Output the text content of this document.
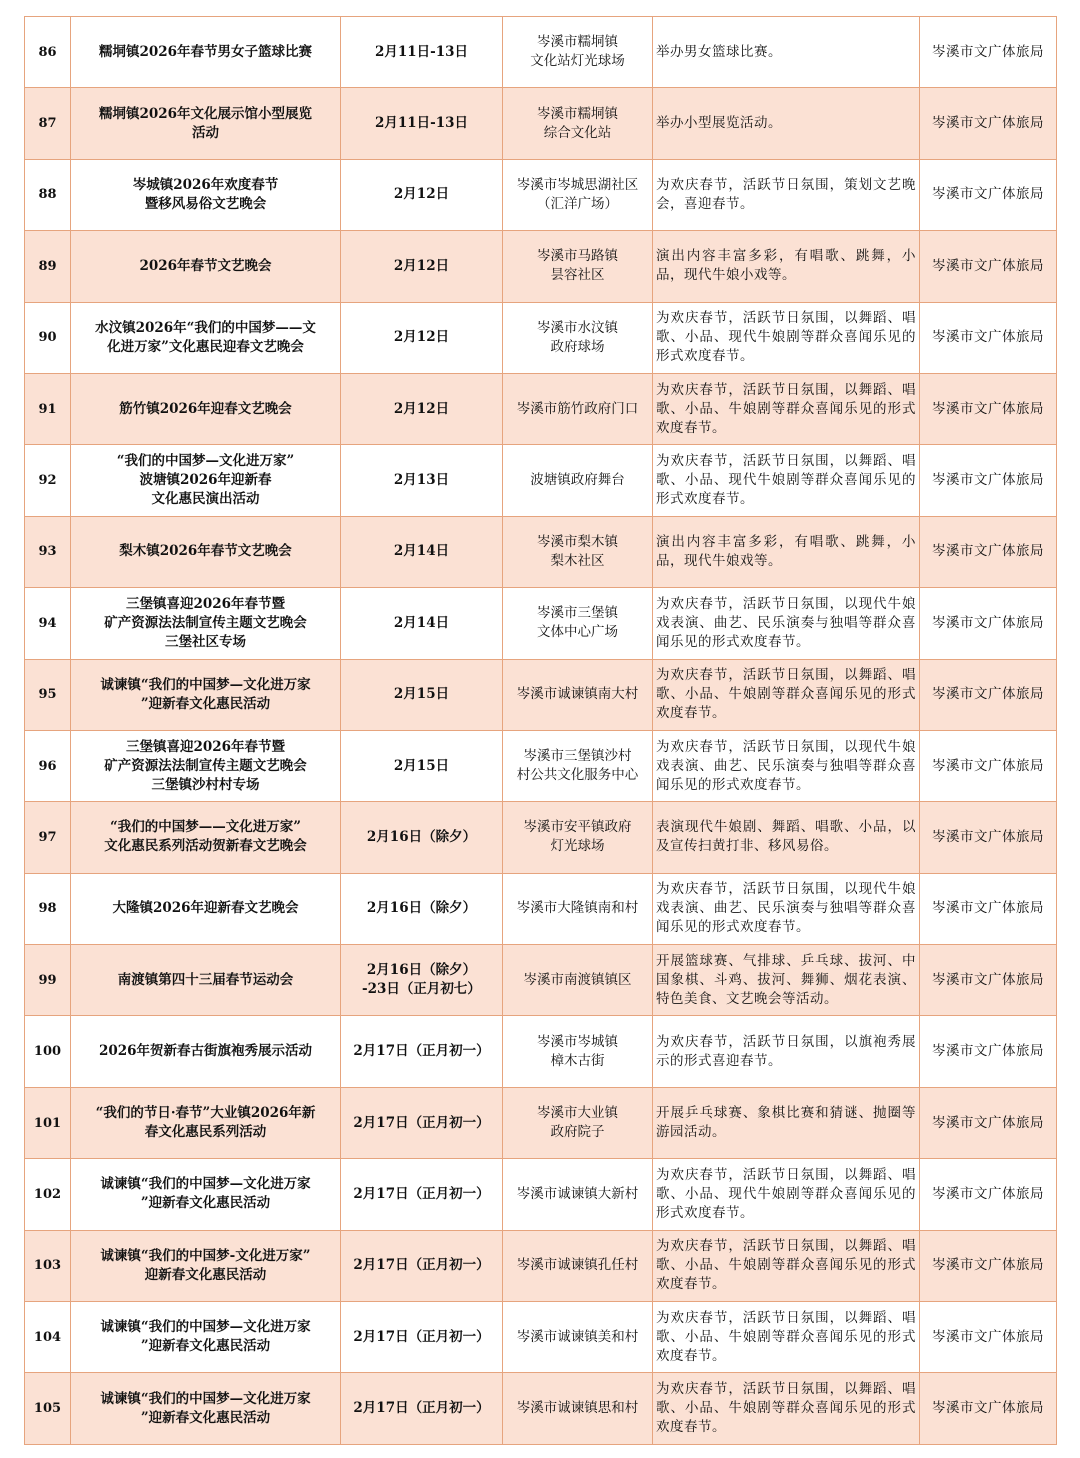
86	糯垌镇2026年春节男女子篮球比赛	2月11日-13日	岑溪市糯垌镇
文化站灯光球场	举办男女篮球比赛。	岑溪市文广体旅局
87	糯垌镇2026年文化展示馆小型展览
活动	2月11日-13日	岑溪市糯垌镇
综合文化站	举办小型展览活动。	岑溪市文广体旅局
88	岑城镇2026年欢度春节
暨移风易俗文艺晚会	2月12日	岑溪市岑城思湖社区
（汇洋广场）	为欢庆春节，活跃节日氛围，策划文艺晚会，喜迎春节。	岑溪市文广体旅局
89	2026年春节文艺晚会	2月12日	岑溪市马路镇
昙容社区	演出内容丰富多彩，有唱歌、跳舞，小品，现代牛娘小戏等。	岑溪市文广体旅局
90	水汶镇2026年“我们的中国梦——文
化进万家”文化惠民迎春文艺晚会	2月12日	岑溪市水汶镇
政府球场	为欢庆春节，活跃节日氛围，以舞蹈、唱歌、小品、现代牛娘剧等群众喜闻乐见的形式欢度春节。	岑溪市文广体旅局
91	筋竹镇2026年迎春文艺晚会	2月12日	岑溪市筋竹政府门口	为欢庆春节，活跃节日氛围，以舞蹈、唱歌、小品、牛娘剧等群众喜闻乐见的形式欢度春节。	岑溪市文广体旅局
92	“我们的中国梦—文化进万家”
波塘镇2026年迎新春
文化惠民演出活动	2月13日	波塘镇政府舞台	为欢庆春节，活跃节日氛围，以舞蹈、唱歌、小品、现代牛娘剧等群众喜闻乐见的形式欢度春节。	岑溪市文广体旅局
93	梨木镇2026年春节文艺晚会	2月14日	岑溪市梨木镇
梨木社区	演出内容丰富多彩，有唱歌、跳舞，小品，现代牛娘戏等。	岑溪市文广体旅局
94	三堡镇喜迎2026年春节暨
矿产资源法法制宣传主题文艺晚会
三堡社区专场	2月14日	岑溪市三堡镇
文体中心广场	为欢庆春节，活跃节日氛围，以现代牛娘戏表演、曲艺、民乐演奏与独唱等群众喜闻乐见的形式欢度春节。	岑溪市文广体旅局
95	诚谏镇“我们的中国梦—文化进万家
”迎新春文化惠民活动	2月15日	岑溪市诚谏镇南大村	为欢庆春节，活跃节日氛围，以舞蹈、唱歌、小品、牛娘剧等群众喜闻乐见的形式欢度春节。	岑溪市文广体旅局
96	三堡镇喜迎2026年春节暨
矿产资源法法制宣传主题文艺晚会
三堡镇沙村村专场	2月15日	岑溪市三堡镇沙村
村公共文化服务中心	为欢庆春节，活跃节日氛围，以现代牛娘戏表演、曲艺、民乐演奏与独唱等群众喜闻乐见的形式欢度春节。	岑溪市文广体旅局
97	“我们的中国梦——文化进万家”
文化惠民系列活动贺新春文艺晚会	2月16日（除夕）	岑溪市安平镇政府
灯光球场	表演现代牛娘剧、舞蹈、唱歌、小品，以及宣传扫黄打非、移风易俗。	岑溪市文广体旅局
98	大隆镇2026年迎新春文艺晚会	2月16日（除夕）	岑溪市大隆镇南和村	为欢庆春节，活跃节日氛围，以现代牛娘戏表演、曲艺、民乐演奏与独唱等群众喜闻乐见的形式欢度春节。	岑溪市文广体旅局
99	南渡镇第四十三届春节运动会	2月16日（除夕）
-23日（正月初七）	岑溪市南渡镇镇区	开展篮球赛、气排球、乒乓球、拔河、中国象棋、斗鸡、拔河、舞狮、烟花表演、特色美食、文艺晚会等活动。	岑溪市文广体旅局
100	2026年贺新春古街旗袍秀展示活动	2月17日（正月初一）	岑溪市岑城镇
樟木古街	为欢庆春节，活跃节日氛围，以旗袍秀展示的形式喜迎春节。	岑溪市文广体旅局
101	“我们的节日·春节”大业镇2026年新
春文化惠民系列活动	2月17日（正月初一）	岑溪市大业镇
政府院子	开展乒乓球赛、象棋比赛和猜谜、抛圈等游园活动。	岑溪市文广体旅局
102	诚谏镇“我们的中国梦—文化进万家
”迎新春文化惠民活动	2月17日（正月初一）	岑溪市诚谏镇大新村	为欢庆春节，活跃节日氛围，以舞蹈、唱歌、小品、现代牛娘剧等群众喜闻乐见的形式欢度春节。	岑溪市文广体旅局
103	诚谏镇“我们的中国梦-文化进万家”
迎新春文化惠民活动	2月17日（正月初一）	岑溪市诚谏镇孔任村	为欢庆春节，活跃节日氛围，以舞蹈、唱歌、小品、牛娘剧等群众喜闻乐见的形式欢度春节。	岑溪市文广体旅局
104	诚谏镇“我们的中国梦—文化进万家
”迎新春文化惠民活动	2月17日（正月初一）	岑溪市诚谏镇美和村	为欢庆春节，活跃节日氛围，以舞蹈、唱歌、小品、牛娘剧等群众喜闻乐见的形式欢度春节。	岑溪市文广体旅局
105	诚谏镇“我们的中国梦—文化进万家
”迎新春文化惠民活动	2月17日（正月初一）	岑溪市诚谏镇思和村	为欢庆春节，活跃节日氛围，以舞蹈、唱歌、小品、牛娘剧等群众喜闻乐见的形式欢度春节。	岑溪市文广体旅局
